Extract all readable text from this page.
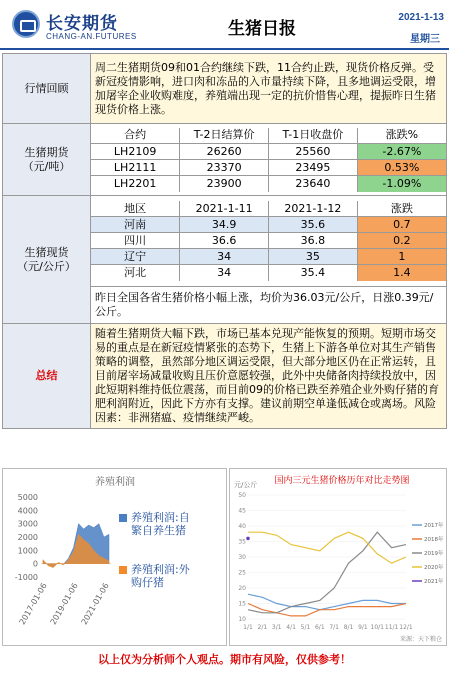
长安期货
CHANG-AN.FUTURES	生猪日报
2021-1-13
星期三
行情回顾	周二生猪期货09和01合约继续下跌，11合约止跌，现货价格反弹。受新冠疫情影响，进口肉和冻品的入市量持续下降，且多地调运受限，增加屠宰企业收购难度，养殖端出现一定的抗价惜售心理，提振昨日生猪现货价格上涨。

生猪期货
（元/吨）

合约	T-2日结算价	T-1日收盘价	涨跌%
LH2109	26260	25560	-2.67%
LH2111	23370	23495	0.53%
LH2201	23900	23640	-1.09%

生猪现货
（元/公斤）

地区	2021-1-11	2021-1-12	涨跌
河南	34.9	35.6	0.7
四川	36.6	36.8	0.2
辽宁	34	35	1
河北	34	35.4	1.4

昨日全国各省生猪价格小幅上涨，均价为36.03元/公斤，日涨0.39元/公斤。
总结	随着生猪期货大幅下跌，市场已基本兑现产能恢复的预期。短期市场交易的重点是在新冠疫情紧张的态势下，生猪上下游各单位对其生产销售策略的调整，虽然部分地区调运受限，但大部分地区仍在正常运转，且目前屠宰场减量收购且压价意愿较强，此外中央储备肉持续投放中，因此短期料维持低位震荡，而目前09的价格已跌至养殖企业外购仔猪的育肥利润附近，因此下方亦有支撑。建议前期空单逢低减仓或离场。风险因素：非洲猪瘟、疫情继续严峻。
养殖利润
5000
4000
3000
2000
1000
0
-1000
2017-01-06 2019-01-06 2021-01-06
养殖利润:自
繁自养生猪
养殖利润:外
购仔猪
国内三元生猪价格历年对比走势图
元/公斤
来源：天下粮仓
50
45
40
35
30
25
20
15
10
1/1 2/1 3/1 4/1 5/1 6/1 7/1 8/1 9/1 10/1 11/1 12/1
2017年
2018年
2019年
2020年
2021年
以上仅为分析师个人观点。期市有风险，仅供参考！
